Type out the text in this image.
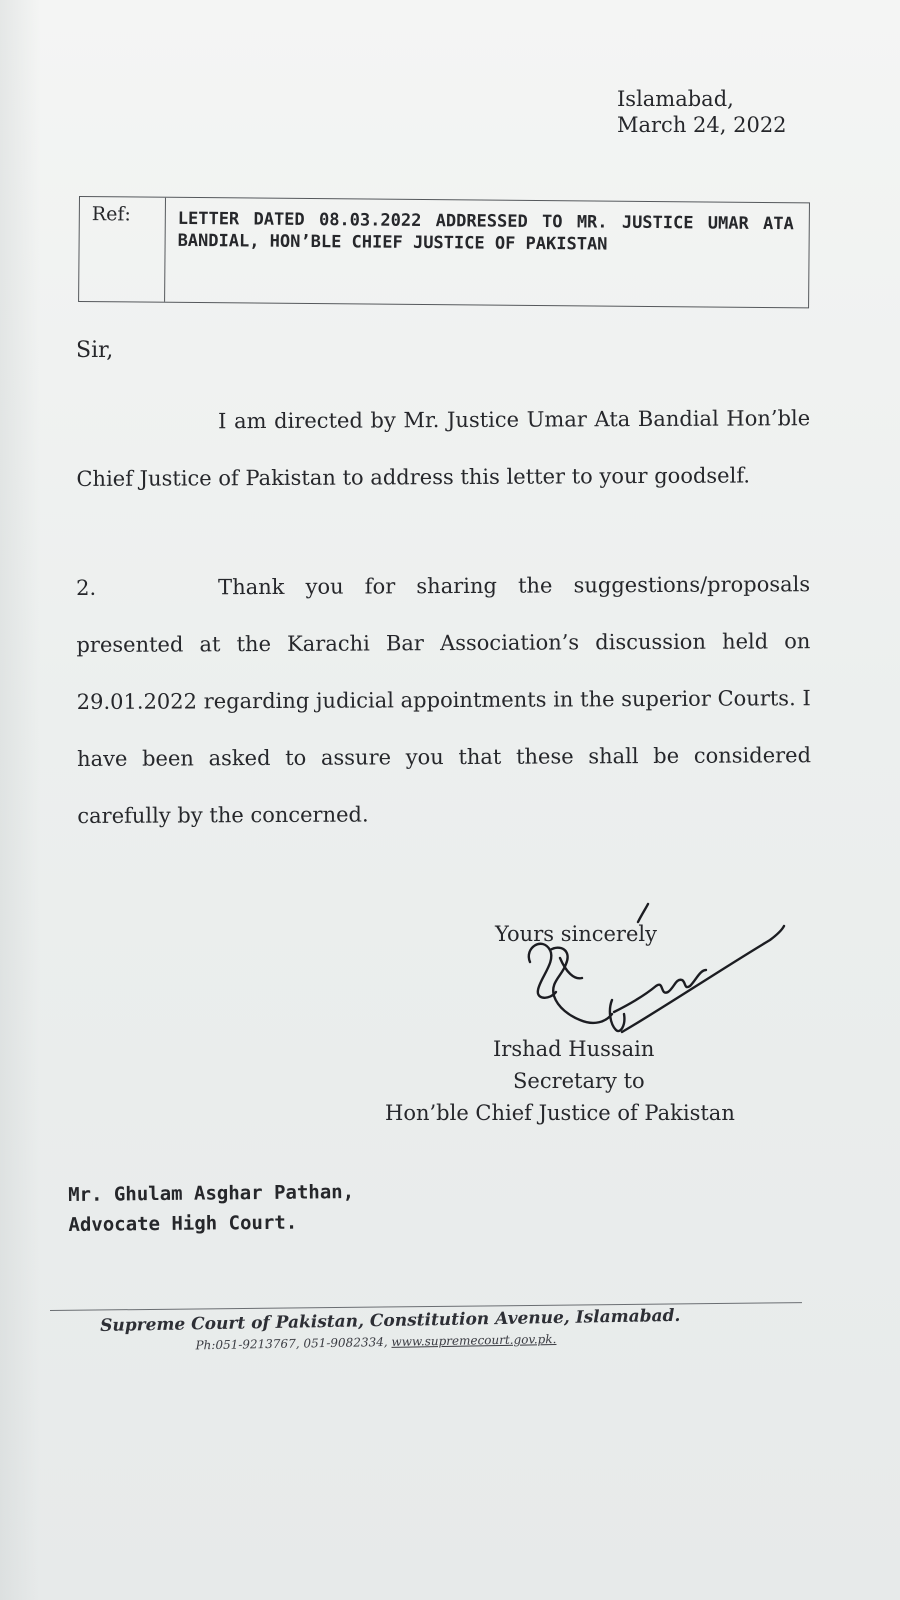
Islamabad,
March 24, 2022
Ref:	LETTER DATED 08.03.2022 ADDRESSED TO MR. JUSTICE UMAR ATA BANDIAL, HON’BLE CHIEF JUSTICE OF PAKISTAN
Sir,
I am directed by Mr. Justice Umar Ata Bandial Hon’ble Chief Justice of Pakistan to address this letter to your goodself.
2.	Thank you for sharing the suggestions/proposals presented at the Karachi Bar Association’s discussion held on 29.01.2022 regarding judicial appointments in the superior Courts. I have been asked to assure you that these shall be considered carefully by the concerned.
Yours sincerely
Irshad Hussain
Secretary to
Hon’ble Chief Justice of Pakistan
Mr. Ghulam Asghar Pathan,
Advocate High Court.
Supreme Court of Pakistan, Constitution Avenue, Islamabad.
Ph:051-9213767, 051-9082334, www.supremecourt.gov.pk.
